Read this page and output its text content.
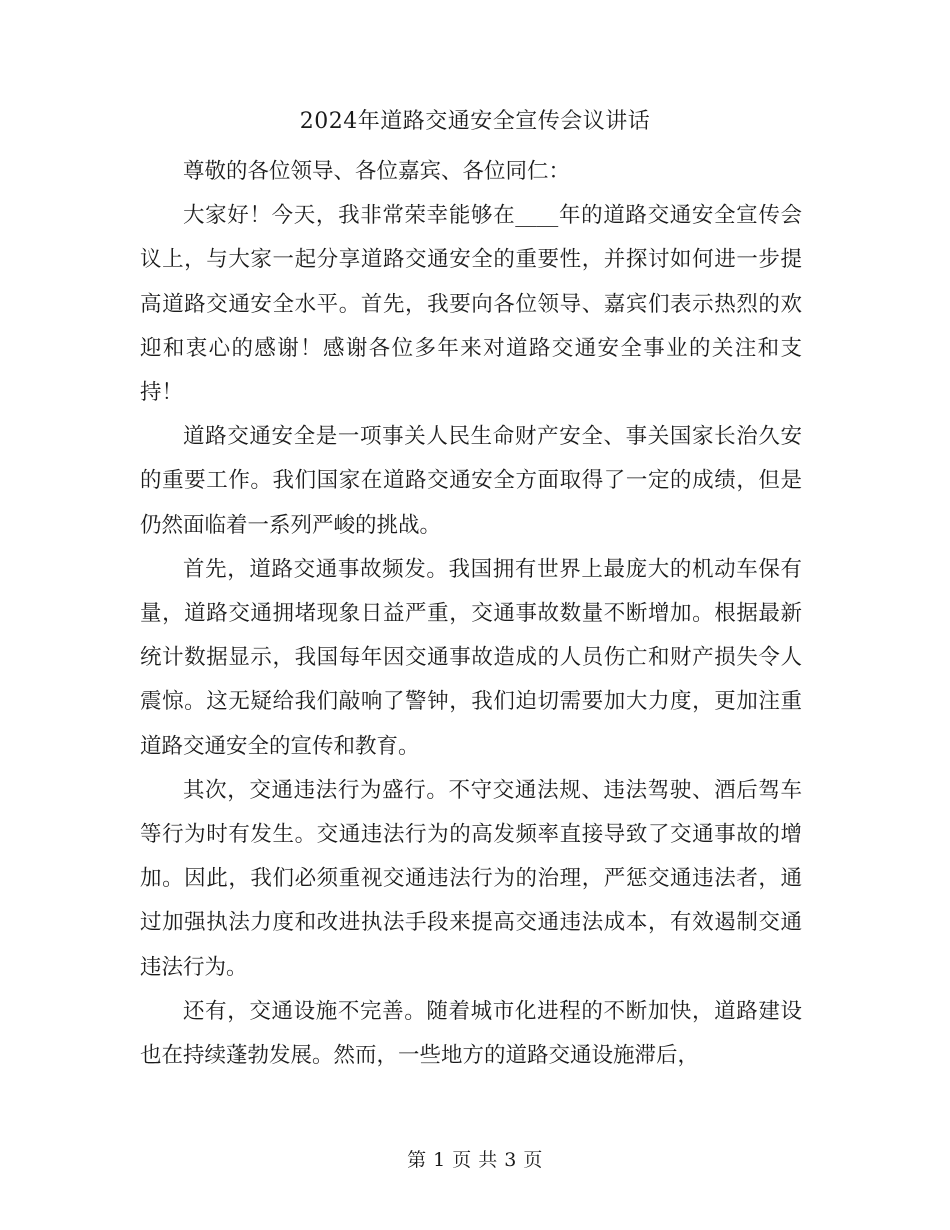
2024年道路交通安全宣传会议讲话

尊敬的各位领导、各位嘉宾、各位同仁：

大家好！今天，我非常荣幸能够在____年的道路交通安全宣传会议上，与大家一起分享道路交通安全的重要性，并探讨如何进一步提高道路交通安全水平。首先，我要向各位领导、嘉宾们表示热烈的欢迎和衷心的感谢！感谢各位多年来对道路交通安全事业的关注和支持！

道路交通安全是一项事关人民生命财产安全、事关国家长治久安的重要工作。我们国家在道路交通安全方面取得了一定的成绩，但是仍然面临着一系列严峻的挑战。

首先，道路交通事故频发。我国拥有世界上最庞大的机动车保有量，道路交通拥堵现象日益严重，交通事故数量不断增加。根据最新统计数据显示，我国每年因交通事故造成的人员伤亡和财产损失令人震惊。这无疑给我们敲响了警钟，我们迫切需要加大力度，更加注重道路交通安全的宣传和教育。

其次，交通违法行为盛行。不守交通法规、违法驾驶、酒后驾车等行为时有发生。交通违法行为的高发频率直接导致了交通事故的增加。因此，我们必须重视交通违法行为的治理，严惩交通违法者，通过加强执法力度和改进执法手段来提高交通违法成本，有效遏制交通违法行为。

还有，交通设施不完善。随着城市化进程的不断加快，道路建设也在持续蓬勃发展。然而，一些地方的道路交通设施滞后，

第 1 页 共 3 页
